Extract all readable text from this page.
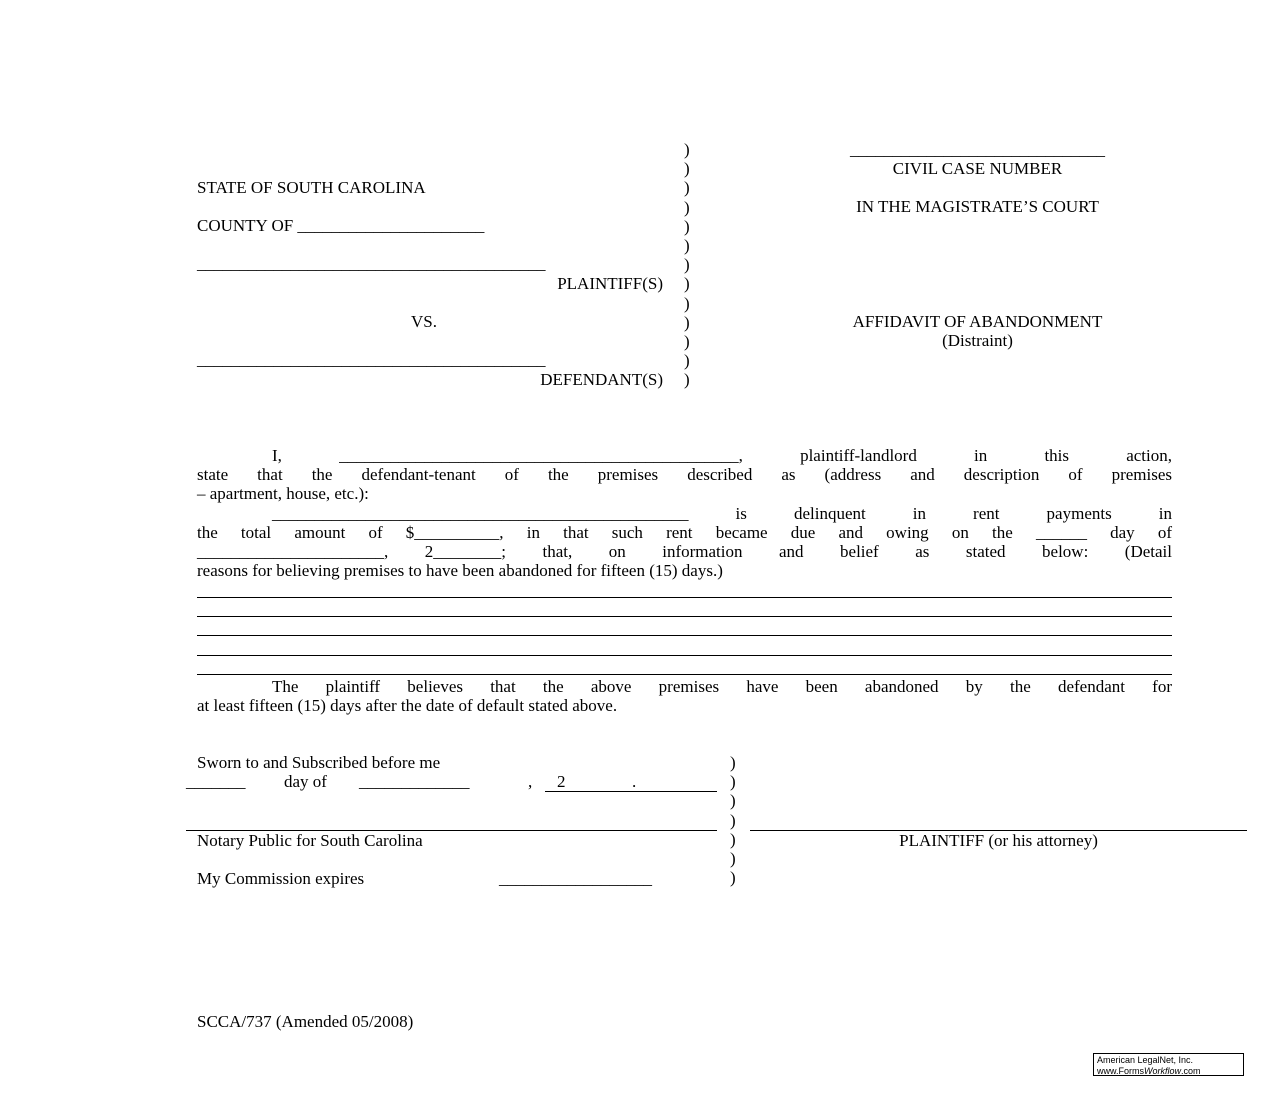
STATE OF SOUTH CAROLINA
COUNTY OF ______________________
_________________________________________
PLAINTIFF(S)
VS.
_________________________________________
DEFENDANT(S)
)
)
)
)
)
)
)
)
)
)
)
)
)
______________________________
CIVIL CASE NUMBER
IN THE MAGISTRATE’S COURT
AFFIDAVIT OF ABANDONMENT
(Distraint)
I,	_______________________________________________, plaintiff-landlord in this action,
state that the defendant-tenant of the premises described as (address and description of premises
– apartment, house, etc.):
_________________________________________________ is delinquent in rent payments in
the total amount of $__________, in that such rent became due and owing on the ______ day of
______________________, 2________; that, on information and belief as stated below: (Detail
reasons for believing premises to have been abandoned for fifteen (15) days.)
The plaintiff believes that the above premises have been abandoned by the defendant for
at least fifteen (15) days after the date of default stated above.
Sworn to and Subscribed before me
_______ day of _____________	, 2	.
Notary Public for South Carolina
My Commission expires	__________________
)
)
)
)
)
)
)
PLAINTIFF (or his attorney)
SCCA/737 (Amended 05/2008)
American LegalNet, Inc.
www.FormsWorkflow.com
